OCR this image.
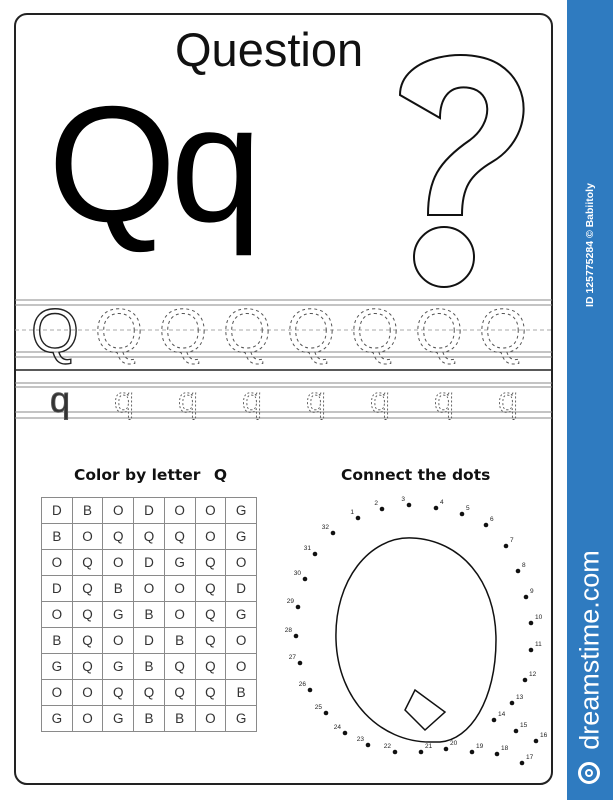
Q Q Q Q Q Q Q Q
q q q q q q q q
1
2
3	4
5
6
7
8
9
10
11
12
13
14
15
16
17
18
19
20
21
22
23
24
25
26
27
28
29
30
31
32
Question
Qq
Color by letter Q	Connect the dots
D	B	O	D	O	O	G
B	O	Q	Q	Q	O	G
O	Q	O	D	G	Q	O
D	Q	B	O	O	Q	D
O	Q	G	B	O	Q	G
B	Q	O	D	B	Q	O
G	Q	G	B	Q	Q	O
O	O	Q	Q	Q	Q	B
G	O	G	B	B	O	G
ID 125775284 © Babiitoly
dreamstime.com
